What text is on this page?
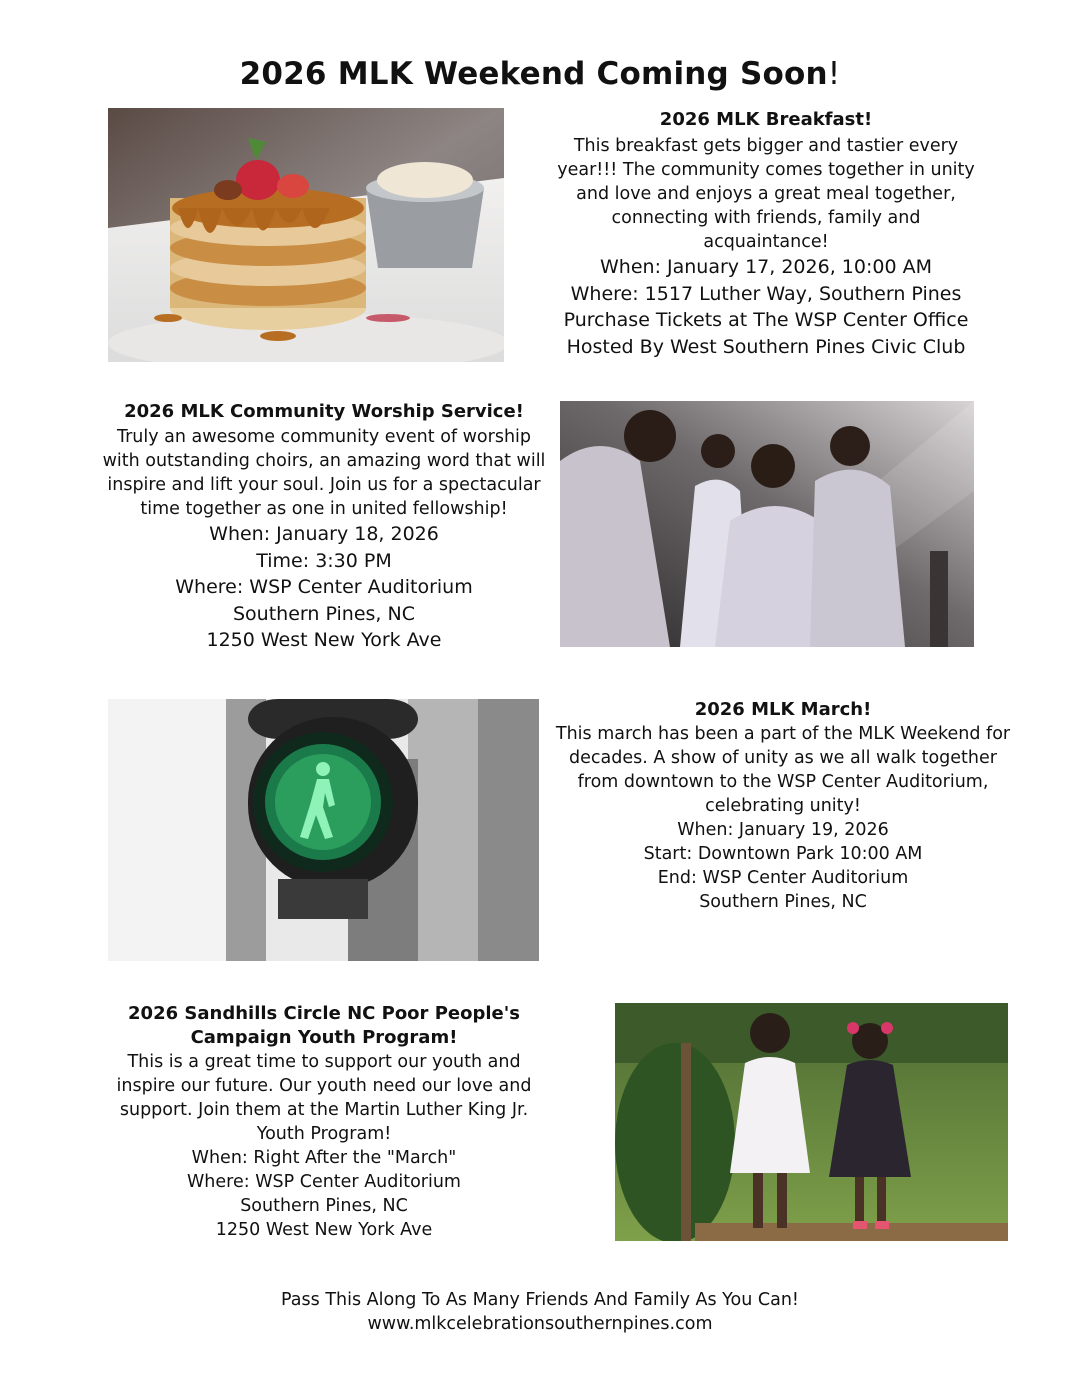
2026 MLK Weekend Coming Soon!
2026 MLK Breakfast!
This breakfast gets bigger and tastier every
year!!! The community comes together in unity
and love and enjoys a great meal together,
connecting with friends, family and
acquaintance!
When: January 17, 2026, 10:00 AM
Where: 1517 Luther Way, Southern Pines
Purchase Tickets at The WSP Center Office
Hosted By West Southern Pines Civic Club
2026 MLK Community Worship Service!
Truly an awesome community event of worship
with outstanding choirs, an amazing word that will
inspire and lift your soul. Join us for a spectacular
time together as one in united fellowship!
When: January 18, 2026
Time: 3:30 PM
Where: WSP Center Auditorium
Southern Pines, NC
1250 West New York Ave
2026 MLK March!
This march has been a part of the MLK Weekend for
decades. A show of unity as we all walk together
from downtown to the WSP Center Auditorium,
celebrating unity!
When: January 19, 2026
Start: Downtown Park 10:00 AM
End: WSP Center Auditorium
Southern Pines, NC
2026 Sandhills Circle NC Poor People's
Campaign Youth Program!
This is a great time to support our youth and
inspire our future. Our youth need our love and
support. Join them at the Martin Luther King Jr.
Youth Program!
When: Right After the "March"
Where: WSP Center Auditorium
Southern Pines, NC
1250 West New York Ave
Pass This Along To As Many Friends And Family As You Can!
www.mlkcelebrationsouthernpines.com
